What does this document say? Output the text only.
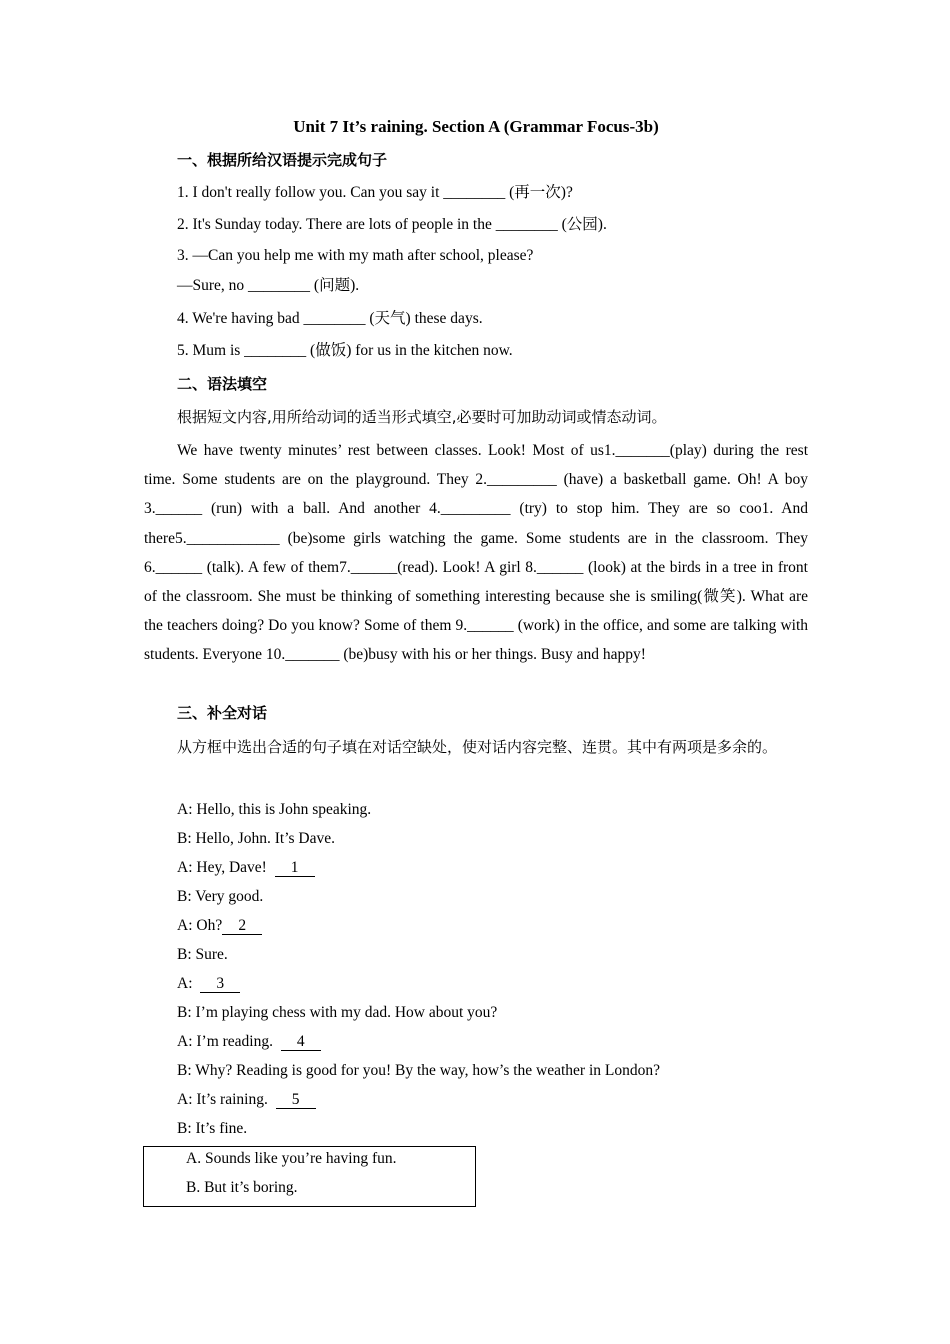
Unit 7 It’s raining. Section A (Grammar Focus-3b)
一、根据所给汉语提示完成句子
1. I don't really follow you. Can you say it ________ (再一次)?
2. It's Sunday today. There are lots of people in the ________ (公园).
3. —Can you help me with my math after school, please?
—Sure, no ________ (问题).
4. We're having bad ________ (天气) these days.
5. Mum is ________ (做饭) for us in the kitchen now.
二、语法填空
根据短文内容,用所给动词的适当形式填空,必要时可加助动词或情态动词。
We have twenty minutes’ rest between classes. Look! Most of us1._______(play) during the rest time. Some students are on the playground. They 2._________ (have) a basketball game. Oh! A boy 3.______ (run) with a ball. And another 4._________ (try) to stop him. They are so coo1. And there5.____________ (be)some girls watching the game. Some students are in the classroom. They 6.______ (talk). A few of them7.______(read). Look! A girl 8.______ (look) at the birds in a tree in front of the classroom. She must be thinking of something interesting because she is smiling(微笑). What are the teachers doing? Do you know? Some of them 9.______ (work) in the office, and some are talking with students. Everyone 10._______ (be)busy with his or her things. Busy and happy!
三、补全对话
从方框中选出合适的句子填在对话空缺处，使对话内容完整、连贯。其中有两项是多余的。
A: Hello, this is John speaking.
B: Hello, John. It’s Dave.
A: Hey, Dave!  1
B: Very good.
A: Oh? 2
B: Sure.
A:  3
B: I’m playing chess with my dad. How about you?
A: I’m reading.  4
B: Why? Reading is good for you! By the way, how’s the weather in London?
A: It’s raining.  5
B: It’s fine.
A. Sounds like you’re having fun.
B. But it’s boring.
